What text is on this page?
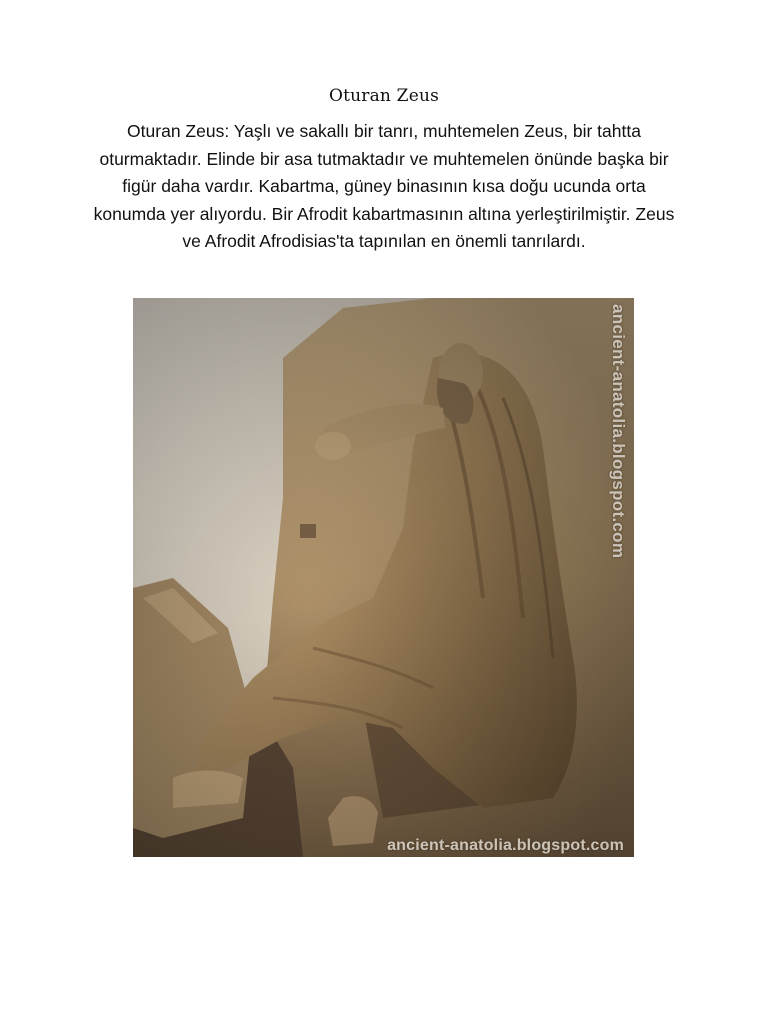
Oturan Zeus
Oturan Zeus: Yaşlı ve sakallı bir tanrı, muhtemelen Zeus, bir tahtta oturmaktadır. Elinde bir asa tutmaktadır ve muhtemelen önünde başka bir figür daha vardır. Kabartma, güney binasının kısa doğu ucunda orta konumda yer alıyordu. Bir Afrodit kabartmasının altına yerleştirilmiştir. Zeus ve Afrodit Afrodisias'ta tapınılan en önemli tanrılardı.
ancient-anatolia.blogspot.com
ancient-anatolia.blogspot.com
